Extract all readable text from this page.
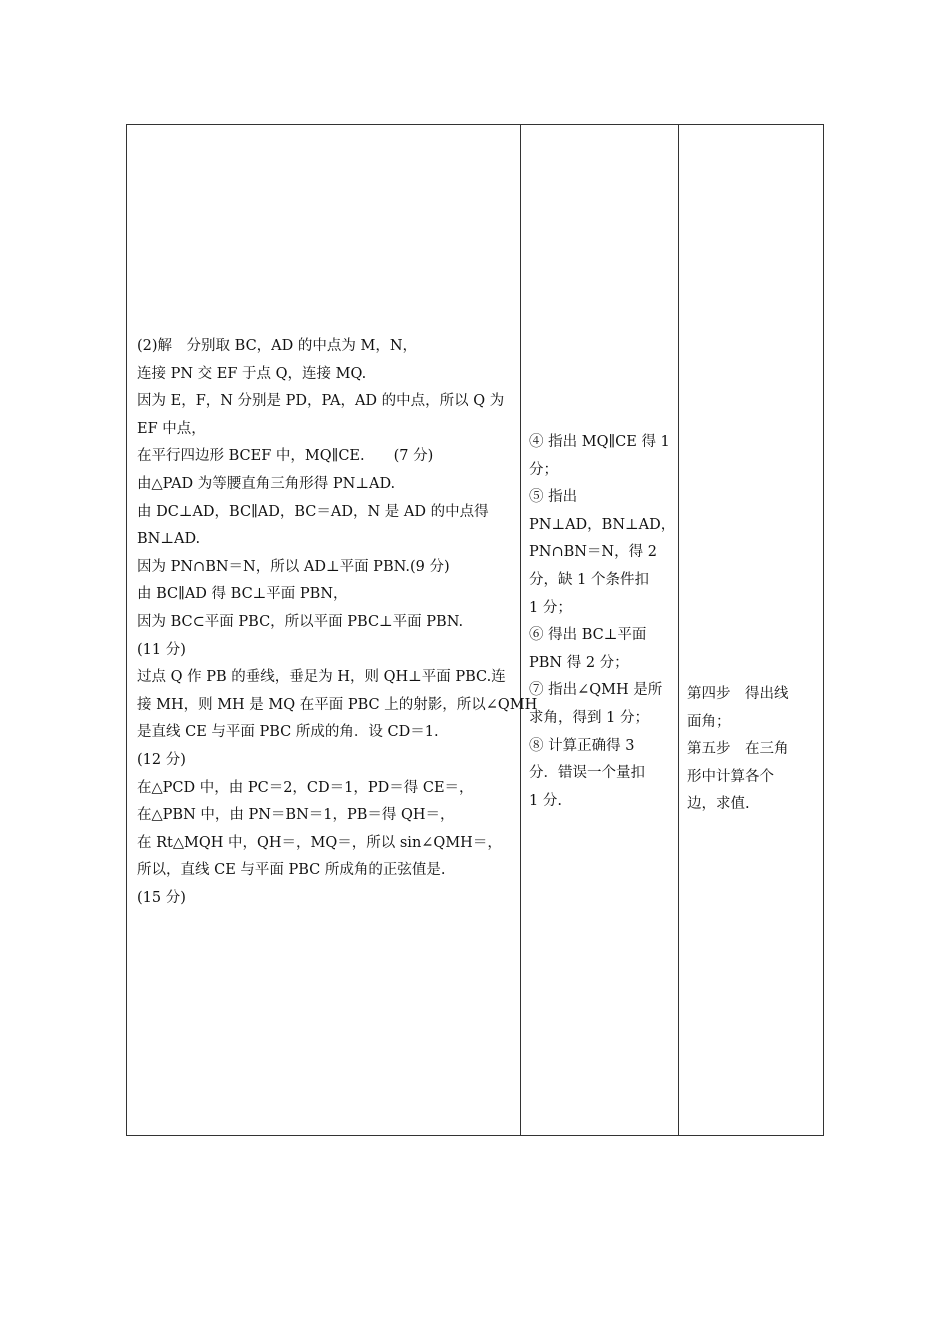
(2)解　分别取 BC，AD 的中点为 M，N，
连接 PN 交 EF 于点 Q，连接 MQ.
因为 E，F，N 分别是 PD，PA，AD 的中点，所以 Q 为
EF 中点，
在平行四边形 BCEF 中，MQ∥CE.　　(7 分)
由△PAD 为等腰直角三角形得 PN⊥AD.
由 DC⊥AD，BC∥AD，BC＝AD，N 是 AD 的中点得
BN⊥AD.
因为 PN∩BN＝N，所以 AD⊥平面 PBN.(9 分)
由 BC∥AD 得 BC⊥平面 PBN，
因为 BC⊂平面 PBC，所以平面 PBC⊥平面 PBN.
(11 分)
过点 Q 作 PB 的垂线，垂足为 H，则 QH⊥平面 PBC.连
接 MH，则 MH 是 MQ 在平面 PBC 上的射影，所以∠QMH
是直线 CE 与平面 PBC 所成的角．设 CD＝1.
(12 分)
在△PCD 中，由 PC＝2，CD＝1，PD＝得 CE＝，
在△PBN 中，由 PN＝BN＝1，PB＝得 QH＝，
在 Rt△MQH 中，QH＝，MQ＝，所以 sin∠QMH＝，
所以，直线 CE 与平面 PBC 所成角的正弦值是.
(15 分)
④ 指出 MQ∥CE 得 1
分；
⑤ 指出
PN⊥AD，BN⊥AD，
PN∩BN＝N，得 2
分，缺 1 个条件扣
1 分；
⑥ 得出 BC⊥平面
PBN 得 2 分；
⑦ 指出∠QMH 是所
求角，得到 1 分；
⑧ 计算正确得 3
分．错误一个量扣
1 分.
第四步　得出线
面角；
第五步　在三角
形中计算各个
边，求值.
